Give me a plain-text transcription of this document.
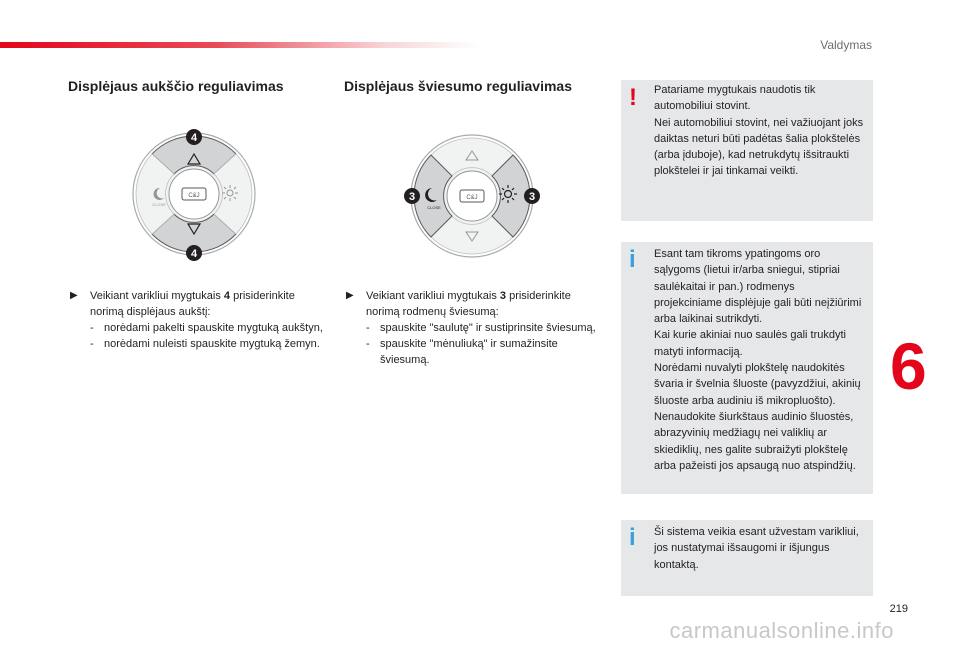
Valdymas
Displėjaus aukščio reguliavimas
C&J
CLOSE
4
4
▶︎ Veikiant varikliui mygtukais 4 prisiderinkite norimą displėjaus aukštį:
- norėdami pakelti spauskite mygtuką aukštyn,
- norėdami nuleisti spauskite mygtuką žemyn.
Displėjaus šviesumo reguliavimas
C&J
CLOSE
3	3
▶︎ Veikiant varikliui mygtukais 3 prisiderinkite norimą rodmenų šviesumą:
- spauskite "saulutę" ir sustiprinsite šviesumą,
- spauskite "mėnuliuką" ir sumažinsite šviesumą.
! Patariame mygtukais naudotis tik automobiliui stovint.
Nei automobiliui stovint, nei važiuojant joks daiktas neturi būti padėtas šalia plokštelės (arba įduboje), kad netrukdytų išsitraukti plokštelei ir jai tinkamai veikti.
i Esant tam tikroms ypatingoms oro sąlygoms (lietui ir/arba sniegui, stipriai saulėkaitai ir pan.) rodmenys projekciniame displėjuje gali būti neįžiūrimi arba laikinai sutrikdyti.
Kai kurie akiniai nuo saulės gali trukdyti matyti informaciją.
Norėdami nuvalyti plokštelę naudokitės švaria ir švelnia šluoste (pavyzdžiui, akinių šluoste arba audiniu iš mikropluošto). Nenaudokite šiurkštaus audinio šluostės, abrazyvinių medžiagų nei valiklių ar skiediklių, nes galite subraižyti plokštelę arba pažeisti jos apsaugą nuo atspindžių.
i Ši sistema veikia esant užvestam varikliui, jos nustatymai išsaugomi ir išjungus kontaktą.
6
219
carmanualsonline.info
